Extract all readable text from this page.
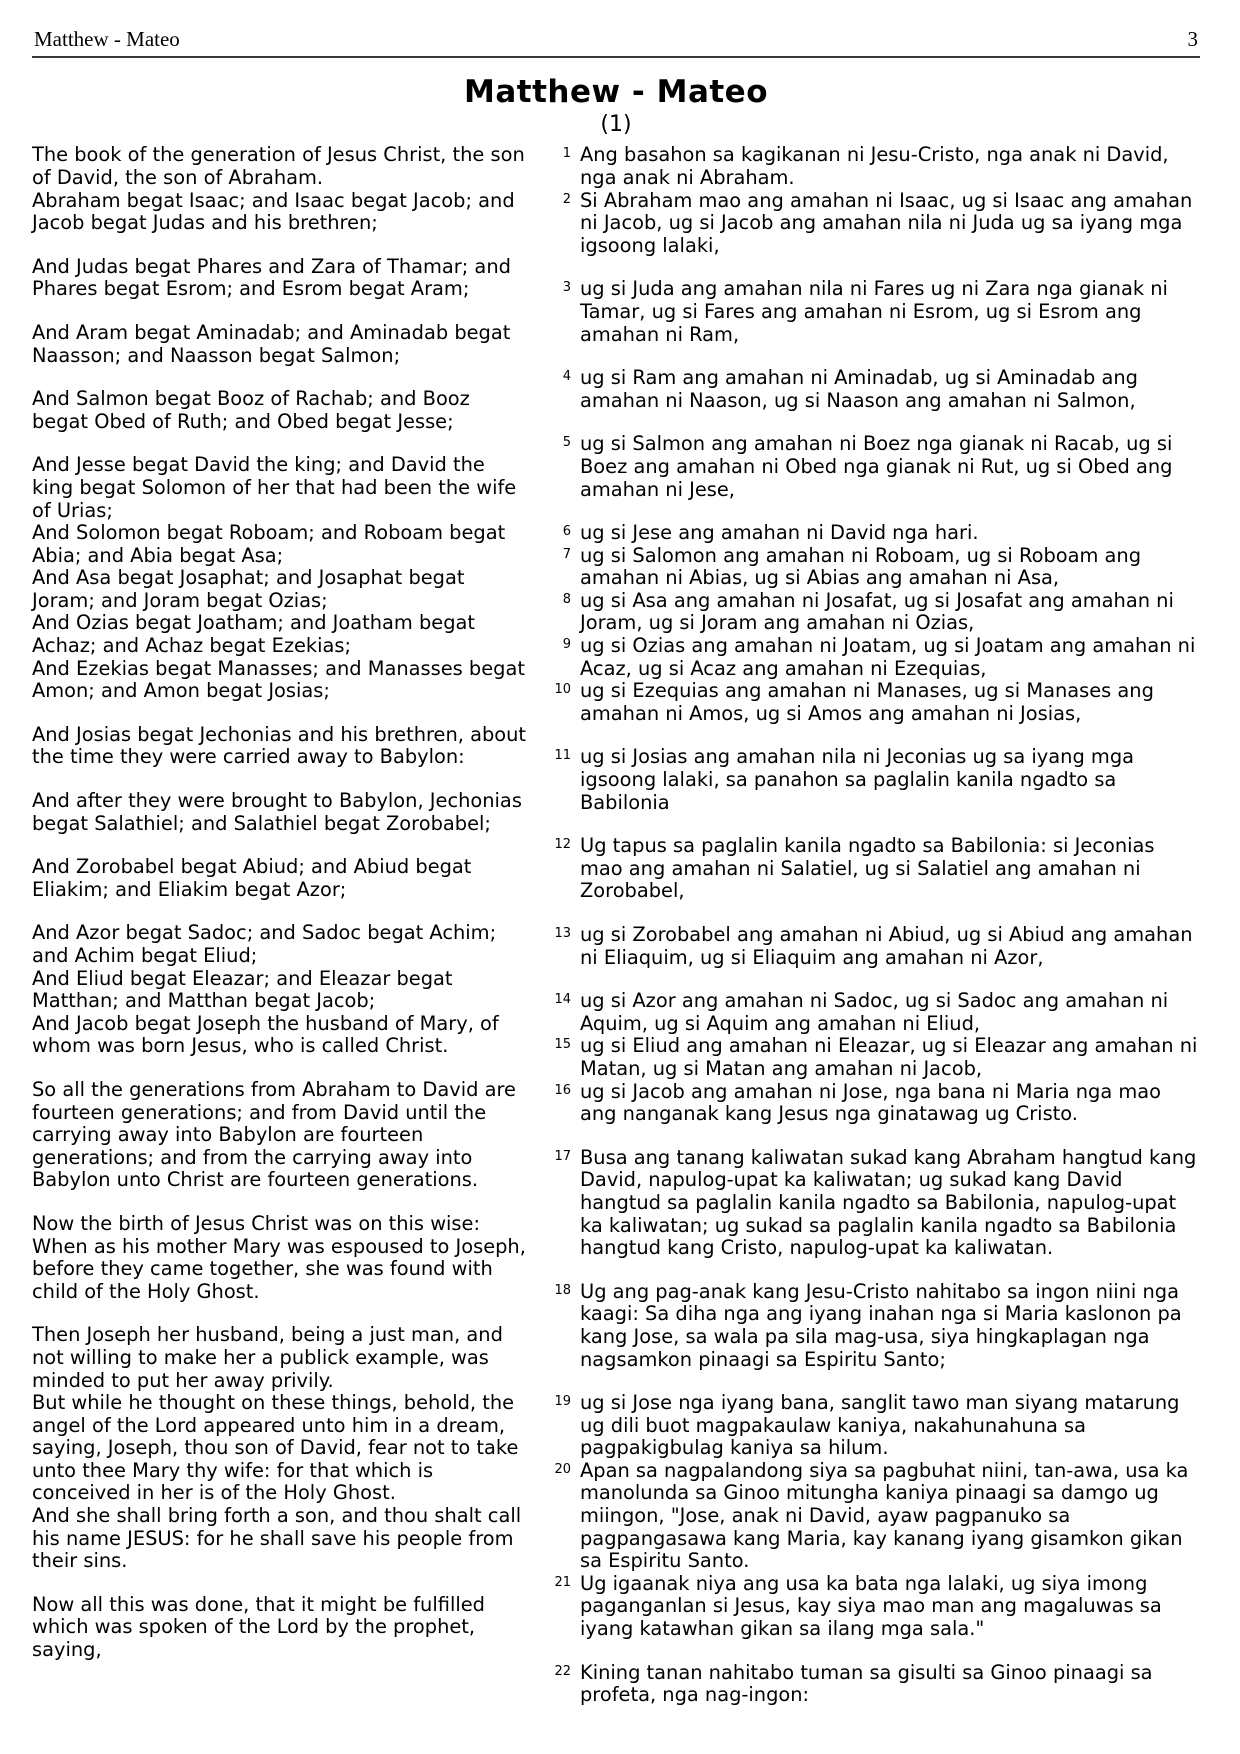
Matthew - Mateo	3
Matthew - Mateo
(1)

The book of the generation of Jesus Christ, the son of David, the son of Abraham.

Abraham begat Isaac; and Isaac begat Jacob; and Jacob begat Judas and his brethren;

And Judas begat Phares and Zara of Thamar; and Phares begat Esrom; and Esrom begat Aram;

And Aram begat Aminadab; and Aminadab begat Naasson; and Naasson begat Salmon;

And Salmon begat Booz of Rachab; and Booz begat Obed of Ruth; and Obed begat Jesse;

And Jesse begat David the king; and David the king begat Solomon of her that had been the wife of Urias;

And Solomon begat Roboam; and Roboam begat Abia; and Abia begat Asa;

And Asa begat Josaphat; and Josaphat begat Joram; and Joram begat Ozias;

And Ozias begat Joatham; and Joatham begat Achaz; and Achaz begat Ezekias;

And Ezekias begat Manasses; and Manasses begat Amon; and Amon begat Josias;

And Josias begat Jechonias and his brethren, about the time they were carried away to Babylon:

And after they were brought to Babylon, Jechonias begat Salathiel; and Salathiel begat Zorobabel;

And Zorobabel begat Abiud; and Abiud begat Eliakim; and Eliakim begat Azor;

And Azor begat Sadoc; and Sadoc begat Achim; and Achim begat Eliud;

And Eliud begat Eleazar; and Eleazar begat Matthan; and Matthan begat Jacob;

And Jacob begat Joseph the husband of Mary, of whom was born Jesus, who is called Christ.

So all the generations from Abraham to David are fourteen generations; and from David until the carrying away into Babylon are fourteen generations; and from the carrying away into Babylon unto Christ are fourteen generations.

Now the birth of Jesus Christ was on this wise: When as his mother Mary was espoused to Joseph, before they came together, she was found with child of the Holy Ghost.

Then Joseph her husband, being a just man, and not willing to make her a publick example, was minded to put her away privily.

But while he thought on these things, behold, the angel of the Lord appeared unto him in a dream, saying, Joseph, thou son of David, fear not to take unto thee Mary thy wife: for that which is conceived in her is of the Holy Ghost.

And she shall bring forth a son, and thou shalt call his name JESUS: for he shall save his people from their sins.

Now all this was done, that it might be fulfilled which was spoken of the Lord by the prophet, saying,

1 Ang basahon sa kagikanan ni Jesu-Cristo, nga anak ni David, nga anak ni Abraham.

2 Si Abraham mao ang amahan ni Isaac, ug si Isaac ang amahan ni Jacob, ug si Jacob ang amahan nila ni Juda ug sa iyang mga igsoong lalaki,

3 ug si Juda ang amahan nila ni Fares ug ni Zara nga gianak ni Tamar, ug si Fares ang amahan ni Esrom, ug si Esrom ang amahan ni Ram,

4 ug si Ram ang amahan ni Aminadab, ug si Aminadab ang amahan ni Naason, ug si Naason ang amahan ni Salmon,

5 ug si Salmon ang amahan ni Boez nga gianak ni Racab, ug si Boez ang amahan ni Obed nga gianak ni Rut, ug si Obed ang amahan ni Jese,

6 ug si Jese ang amahan ni David nga hari.

7 ug si Salomon ang amahan ni Roboam, ug si Roboam ang amahan ni Abias, ug si Abias ang amahan ni Asa,

8 ug si Asa ang amahan ni Josafat, ug si Josafat ang amahan ni Joram, ug si Joram ang amahan ni Ozias,

9 ug si Ozias ang amahan ni Joatam, ug si Joatam ang amahan ni Acaz, ug si Acaz ang amahan ni Ezequias,

10 ug si Ezequias ang amahan ni Manases, ug si Manases ang amahan ni Amos, ug si Amos ang amahan ni Josias,

11 ug si Josias ang amahan nila ni Jeconias ug sa iyang mga igsoong lalaki, sa panahon sa paglalin kanila ngadto sa Babilonia

12 Ug tapus sa paglalin kanila ngadto sa Babilonia: si Jeconias mao ang amahan ni Salatiel, ug si Salatiel ang amahan ni Zorobabel,

13 ug si Zorobabel ang amahan ni Abiud, ug si Abiud ang amahan ni Eliaquim, ug si Eliaquim ang amahan ni Azor,

14 ug si Azor ang amahan ni Sadoc, ug si Sadoc ang amahan ni Aquim, ug si Aquim ang amahan ni Eliud,

15 ug si Eliud ang amahan ni Eleazar, ug si Eleazar ang amahan ni Matan, ug si Matan ang amahan ni Jacob,

16 ug si Jacob ang amahan ni Jose, nga bana ni Maria nga mao ang nanganak kang Jesus nga ginatawag ug Cristo.

17 Busa ang tanang kaliwatan sukad kang Abraham hangtud kang David, napulog-upat ka kaliwatan; ug sukad kang David hangtud sa paglalin kanila ngadto sa Babilonia, napulog-upat ka kaliwatan; ug sukad sa paglalin kanila ngadto sa Babilonia hangtud kang Cristo, napulog-upat ka kaliwatan.

18 Ug ang pag-anak kang Jesu-Cristo nahitabo sa ingon niini nga kaagi: Sa diha nga ang iyang inahan nga si Maria kaslonon pa kang Jose, sa wala pa sila mag-usa, siya hingkaplagan nga nagsamkon pinaagi sa Espiritu Santo;

19 ug si Jose nga iyang bana, sanglit tawo man siyang matarung ug dili buot magpakaulaw kaniya, nakahunahuna sa pagpakigbulag kaniya sa hilum.

20 Apan sa nagpalandong siya sa pagbuhat niini, tan-awa, usa ka manolunda sa Ginoo mitungha kaniya pinaagi sa damgo ug miingon, "Jose, anak ni David, ayaw pagpanuko sa pagpangasawa kang Maria, kay kanang iyang gisamkon gikan sa Espiritu Santo.

21 Ug igaanak niya ang usa ka bata nga lalaki, ug siya imong paganganlan si Jesus, kay siya mao man ang magaluwas sa iyang katawhan gikan sa ilang mga sala."

22 Kining tanan nahitabo tuman sa gisulti sa Ginoo pinaagi sa profeta, nga nag-ingon:
